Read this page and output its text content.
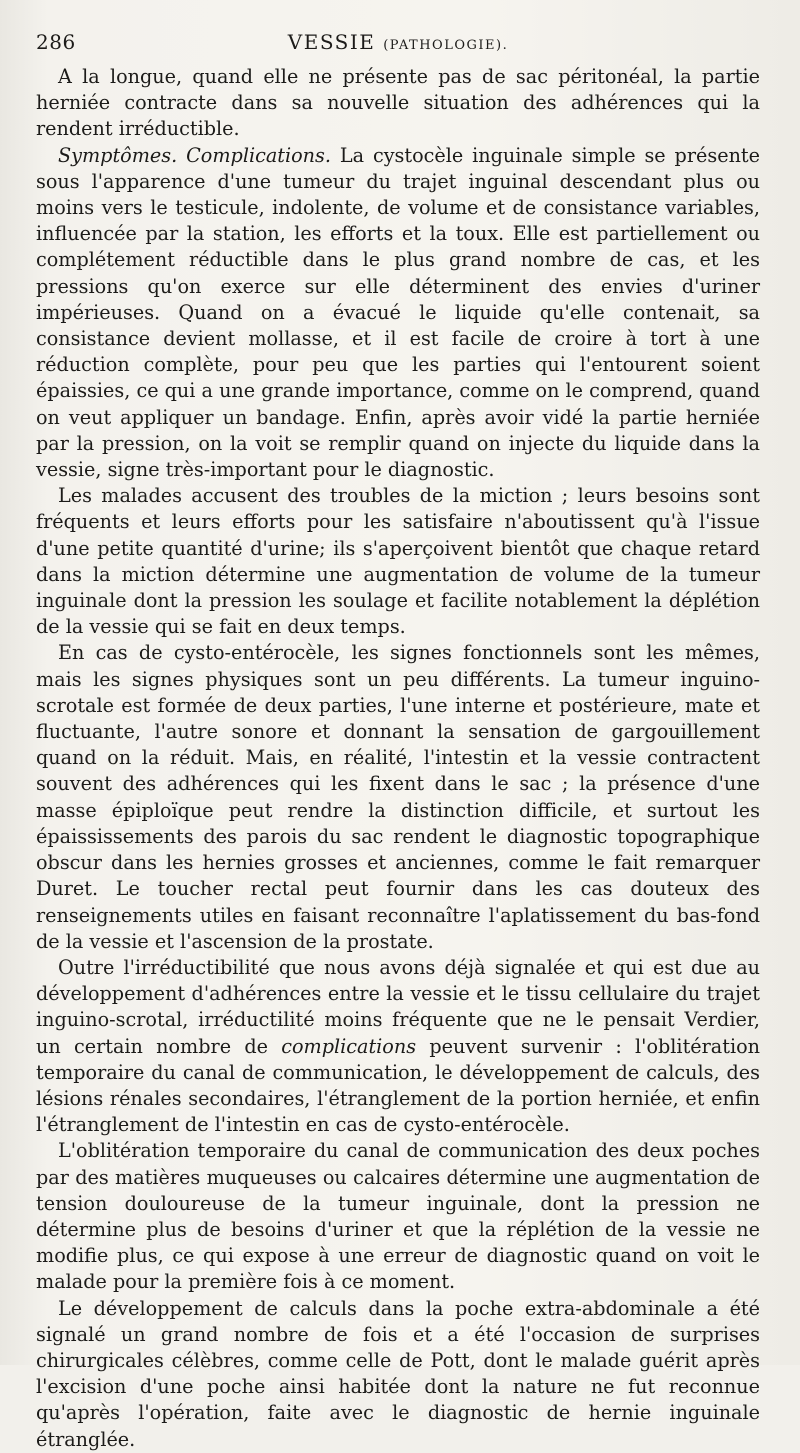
286	VESSIE (PATHOLOGIE).

A la longue, quand elle ne présente pas de sac péritonéal, la partie herniée contracte dans sa nouvelle situation des adhérences qui la rendent irréductible.

Symptômes. Complications. La cystocèle inguinale simple se présente sous l'apparence d'une tumeur du trajet inguinal descendant plus ou moins vers le testicule, indolente, de volume et de consistance variables, influencée par la station, les efforts et la toux. Elle est partiellement ou complétement réductible dans le plus grand nombre de cas, et les pressions qu'on exerce sur elle déterminent des envies d'uriner impérieuses. Quand on a évacué le liquide qu'elle contenait, sa consistance devient mollasse, et il est facile de croire à tort à une réduction complète, pour peu que les parties qui l'entourent soient épaissies, ce qui a une grande importance, comme on le comprend, quand on veut appliquer un bandage. Enfin, après avoir vidé la partie herniée par la pression, on la voit se remplir quand on injecte du liquide dans la vessie, signe très-important pour le diagnostic.

Les malades accusent des troubles de la miction ; leurs besoins sont fréquents et leurs efforts pour les satisfaire n'aboutissent qu'à l'issue d'une petite quantité d'urine; ils s'aperçoivent bientôt que chaque retard dans la miction détermine une augmentation de volume de la tumeur inguinale dont la pression les soulage et facilite notablement la déplétion de la vessie qui se fait en deux temps.

En cas de cysto-entérocèle, les signes fonctionnels sont les mêmes, mais les signes physiques sont un peu différents. La tumeur inguino-scrotale est formée de deux parties, l'une interne et postérieure, mate et fluctuante, l'autre sonore et donnant la sensation de gargouillement quand on la réduit. Mais, en réalité, l'intestin et la vessie contractent souvent des adhérences qui les fixent dans le sac ; la présence d'une masse épiploïque peut rendre la distinction difficile, et surtout les épaississements des parois du sac rendent le diagnostic topographique obscur dans les hernies grosses et anciennes, comme le fait remarquer Duret. Le toucher rectal peut fournir dans les cas douteux des renseignements utiles en faisant reconnaître l'aplatissement du bas-fond de la vessie et l'ascension de la prostate.

Outre l'irréductibilité que nous avons déjà signalée et qui est due au développement d'adhérences entre la vessie et le tissu cellulaire du trajet inguino-scrotal, irréductilité moins fréquente que ne le pensait Verdier, un certain nombre de complications peuvent survenir : l'oblitération temporaire du canal de communication, le développement de calculs, des lésions rénales secondaires, l'étranglement de la portion herniée, et enfin l'étranglement de l'intestin en cas de cysto-entérocèle.

L'oblitération temporaire du canal de communication des deux poches par des matières muqueuses ou calcaires détermine une augmentation de tension douloureuse de la tumeur inguinale, dont la pression ne détermine plus de besoins d'uriner et que la réplétion de la vessie ne modifie plus, ce qui expose à une erreur de diagnostic quand on voit le malade pour la première fois à ce moment.

Le développement de calculs dans la poche extra-abdominale a été signalé un grand nombre de fois et a été l'occasion de surprises chirurgicales célèbres, comme celle de Pott, dont le malade guérit après l'excision d'une poche ainsi habitée dont la nature ne fut reconnue qu'après l'opération, faite avec le diagnostic de hernie inguinale étranglée.
